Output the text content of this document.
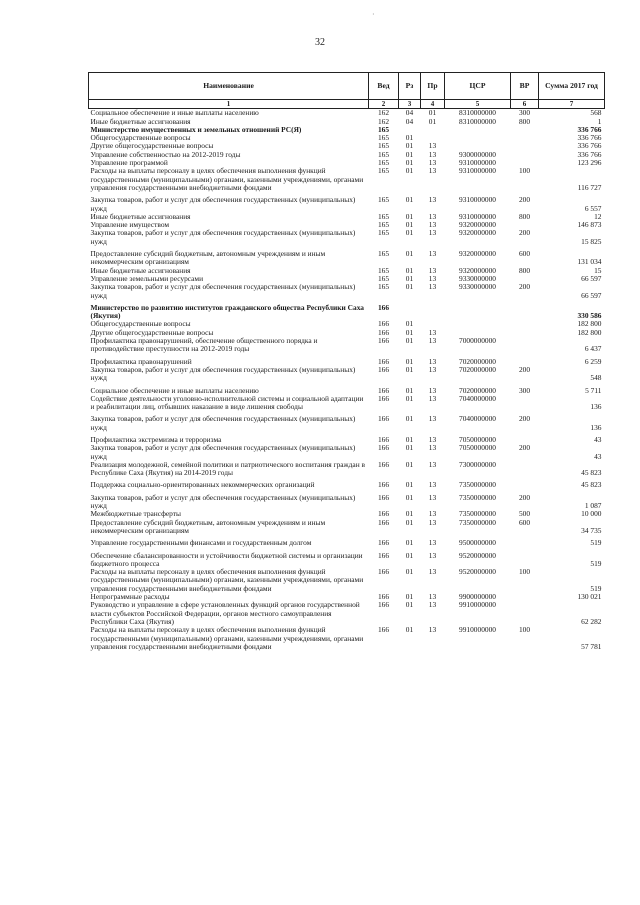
·
32
Наименование	Вед	Рз	Пр	ЦСР	ВР	Сумма 2017 год
1	2	3	4	5	6	7
Социальное обеспечение и иные выплаты населению	162	04	01	8310000000	300	568
Иные бюджетные ассигнования	162	04	01	8310000000	800	1
Министерство имущественных и земельных отношений РС(Я)	165					336 766
Общегосударственные вопросы	165	01				336 766
Другие общегосударственные вопросы	165	01	13			336 766
Управление собственностью на 2012-2019 годы	165	01	13	9300000000		336 766
Управление программой	165	01	13	9310000000		123 296
Расходы на выплаты персоналу в целях обеспечения выполнения функций государственными (муниципальными) органами, казенными учреждениями, органами управления государственными внебюджетными фондами	165	01	13	9310000000	100	116 727
Закупка товаров, работ и услуг для обеспечения государственных (муниципальных) нужд	165	01	13	9310000000	200	6 557
Иные бюджетные ассигнования	165	01	13	9310000000	800	12
Управление имуществом	165	01	13	9320000000		146 873
Закупка товаров, работ и услуг для обеспечения государственных (муниципальных) нужд	165	01	13	9320000000	200	15 825
Предоставление субсидий бюджетным, автономным учреждениям и иным некоммерческим организациям	165	01	13	9320000000	600	131 034
Иные бюджетные ассигнования	165	01	13	9320000000	800	15
Управление земельными ресурсами	165	01	13	9330000000		66 597
Закупка товаров, работ и услуг для обеспечения государственных (муниципальных) нужд	165	01	13	9330000000	200	66 597
Министерство по развитию институтов гражданского общества Республики Саха (Якутия)	166					330 586
Общегосударственные вопросы	166	01				182 800
Другие общегосударственные вопросы	166	01	13			182 800
Профилактика правонарушений, обеспечение общественного порядка и противодействие преступности на 2012-2019 годы	166	01	13	7000000000		6 437
Профилактика правонарушений	166	01	13	7020000000		6 259
Закупка товаров, работ и услуг для обеспечения государственных (муниципальных) нужд	166	01	13	7020000000	200	548
Социальное обеспечение и иные выплаты населению	166	01	13	7020000000	300	5 711
Содействие деятельности уголовно-исполнительной системы и социальной адаптации и реабилитации лиц, отбывших наказание в виде лишения свободы	166	01	13	7040000000		136
Закупка товаров, работ и услуг для обеспечения государственных (муниципальных) нужд	166	01	13	7040000000	200	136
Профилактика экстремизма и терроризма	166	01	13	7050000000		43
Закупка товаров, работ и услуг для обеспечения государственных (муниципальных) нужд	166	01	13	7050000000	200	43
Реализация молодежной, семейной политики и патриотического воспитания граждан в Республике Саха (Якутия) на 2014-2019 годы	166	01	13	7300000000		45 823
Поддержка социально-ориентированных некоммерческих организаций	166	01	13	7350000000		45 823
Закупка товаров, работ и услуг для обеспечения государственных (муниципальных) нужд	166	01	13	7350000000	200	1 087
Межбюджетные трансферты	166	01	13	7350000000	500	10 000
Предоставление субсидий бюджетным, автономным учреждениям и иным некоммерческим организациям	166	01	13	7350000000	600	34 735
Управление государственными финансами и государственным долгом	166	01	13	9500000000		519
Обеспечение сбалансированности и устойчивости бюджетной системы и организации бюджетного процесса	166	01	13	9520000000		519
Расходы на выплаты персоналу в целях обеспечения выполнения функций государственными (муниципальными) органами, казенными учреждениями, органами управления государственными внебюджетными фондами	166	01	13	9520000000	100	519
Непрограммные расходы	166	01	13	9900000000		130 021
Руководство и управление в сфере установленных функций органов государственной власти субъектов Российской Федерации, органов местного самоуправления Республики Саха (Якутия)	166	01	13	9910000000		62 282
Расходы на выплаты персоналу в целях обеспечения выполнения функций государственными (муниципальными) органами, казенными учреждениями, органами управления государственными внебюджетными фондами	166	01	13	9910000000	100	57 781
